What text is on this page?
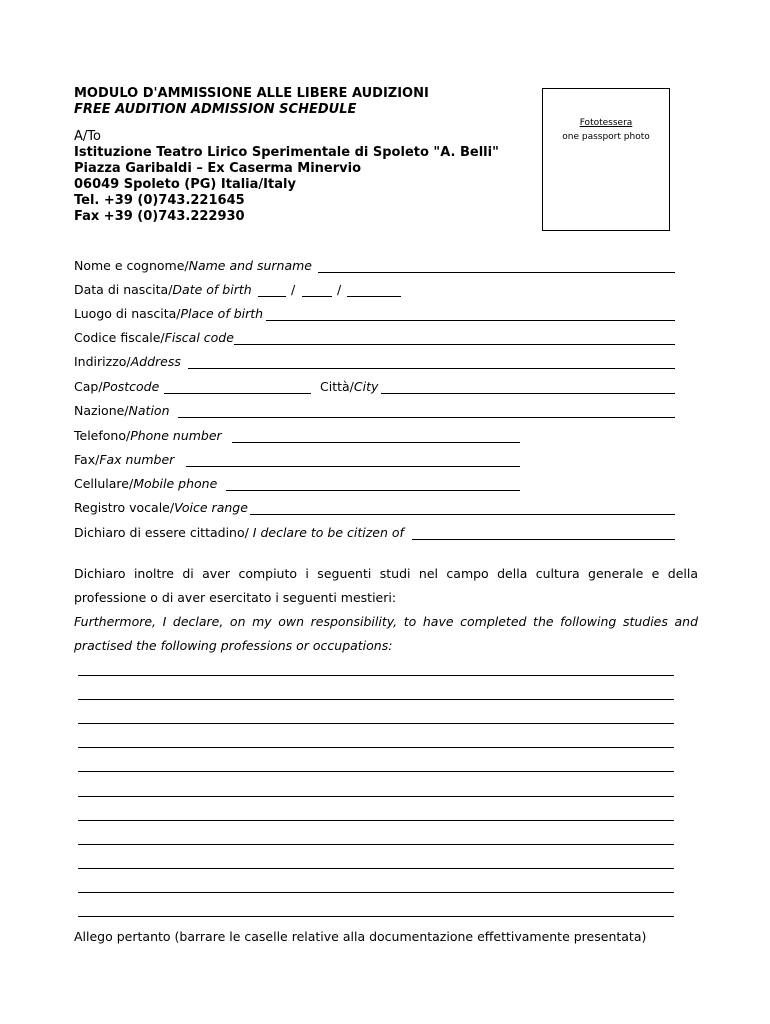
MODULO D'AMMISSIONE ALLE LIBERE AUDIZIONI
FREE AUDITION ADMISSION SCHEDULE
A/To
Istituzione Teatro Lirico Sperimentale di Spoleto "A. Belli"
Piazza Garibaldi – Ex Caserma Minervio
06049 Spoleto (PG) Italia/Italy
Tel. +39 (0)743.221645
Fax +39 (0)743.222930
Fototessera
one passport photo
Nome e cognome/Name and surname
Data di nascita/Date of birth	/	/
Luogo di nascita/Place of birth
Codice fiscale/Fiscal code
Indirizzo/Address
Cap/Postcode	Città/City
Nazione/Nation
Telefono/Phone number
Fax/Fax number
Cellulare/Mobile phone
Registro vocale/Voice range
Dichiaro di essere cittadino/ I declare to be citizen of
Dichiaro inoltre di aver compiuto i seguenti studi nel campo della cultura generale e della
professione o di aver esercitato i seguenti mestieri:
Furthermore, I declare, on my own responsibility, to have completed the following studies and
practised the following professions or occupations:
Allego pertanto (barrare le caselle relative alla documentazione effettivamente presentata)
